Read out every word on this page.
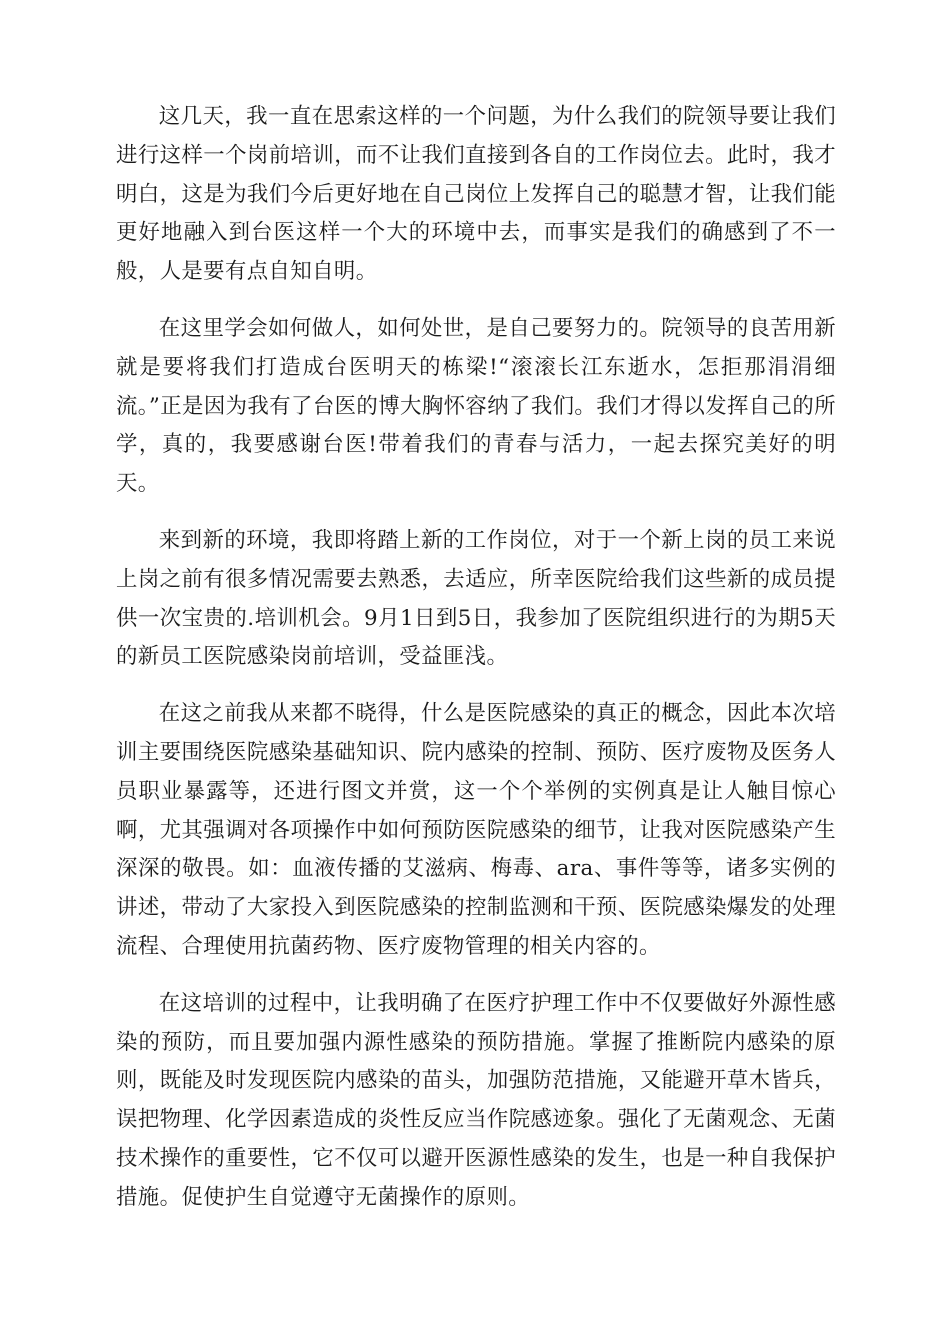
这几天，我一直在思索这样的一个问题，为什么我们的院领导要让我们进行这样一个岗前培训，而不让我们直接到各自的工作岗位去。此时，我才明白，这是为我们今后更好地在自己岗位上发挥自己的聪慧才智，让我们能更好地融入到台医这样一个大的环境中去，而事实是我们的确感到了不一般，人是要有点自知自明。

在这里学会如何做人，如何处世，是自己要努力的。院领导的良苦用新就是要将我们打造成台医明天的栋梁!“滚滚长江东逝水，怎拒那涓涓细流。”正是因为我有了台医的博大胸怀容纳了我们。我们才得以发挥自己的所学，真的，我要感谢台医!带着我们的青春与活力，一起去探究美好的明天。

来到新的环境，我即将踏上新的工作岗位，对于一个新上岗的员工来说上岗之前有很多情况需要去熟悉，去适应，所幸医院给我们这些新的成员提供一次宝贵的.培训机会。9月1日到5日，我参加了医院组织进行的为期5天的新员工医院感染岗前培训，受益匪浅。

在这之前我从来都不晓得，什么是医院感染的真正的概念，因此本次培训主要围绕医院感染基础知识、院内感染的控制、预防、医疗废物及医务人员职业暴露等，还进行图文并赏，这一个个举例的实例真是让人触目惊心啊，尤其强调对各项操作中如何预防医院感染的细节，让我对医院感染产生深深的敬畏。如：血液传播的艾滋病、梅毒、ara、事件等等，诸多实例的讲述，带动了大家投入到医院感染的控制监测和干预、医院感染爆发的处理流程、合理使用抗菌药物、医疗废物管理的相关内容的。

在这培训的过程中，让我明确了在医疗护理工作中不仅要做好外源性感染的预防，而且要加强内源性感染的预防措施。掌握了推断院内感染的原则，既能及时发现医院内感染的苗头，加强防范措施，又能避开草木皆兵，误把物理、化学因素造成的炎性反应当作院感迹象。强化了无菌观念、无菌技术操作的重要性，它不仅可以避开医源性感染的发生，也是一种自我保护措施。促使护生自觉遵守无菌操作的原则。
